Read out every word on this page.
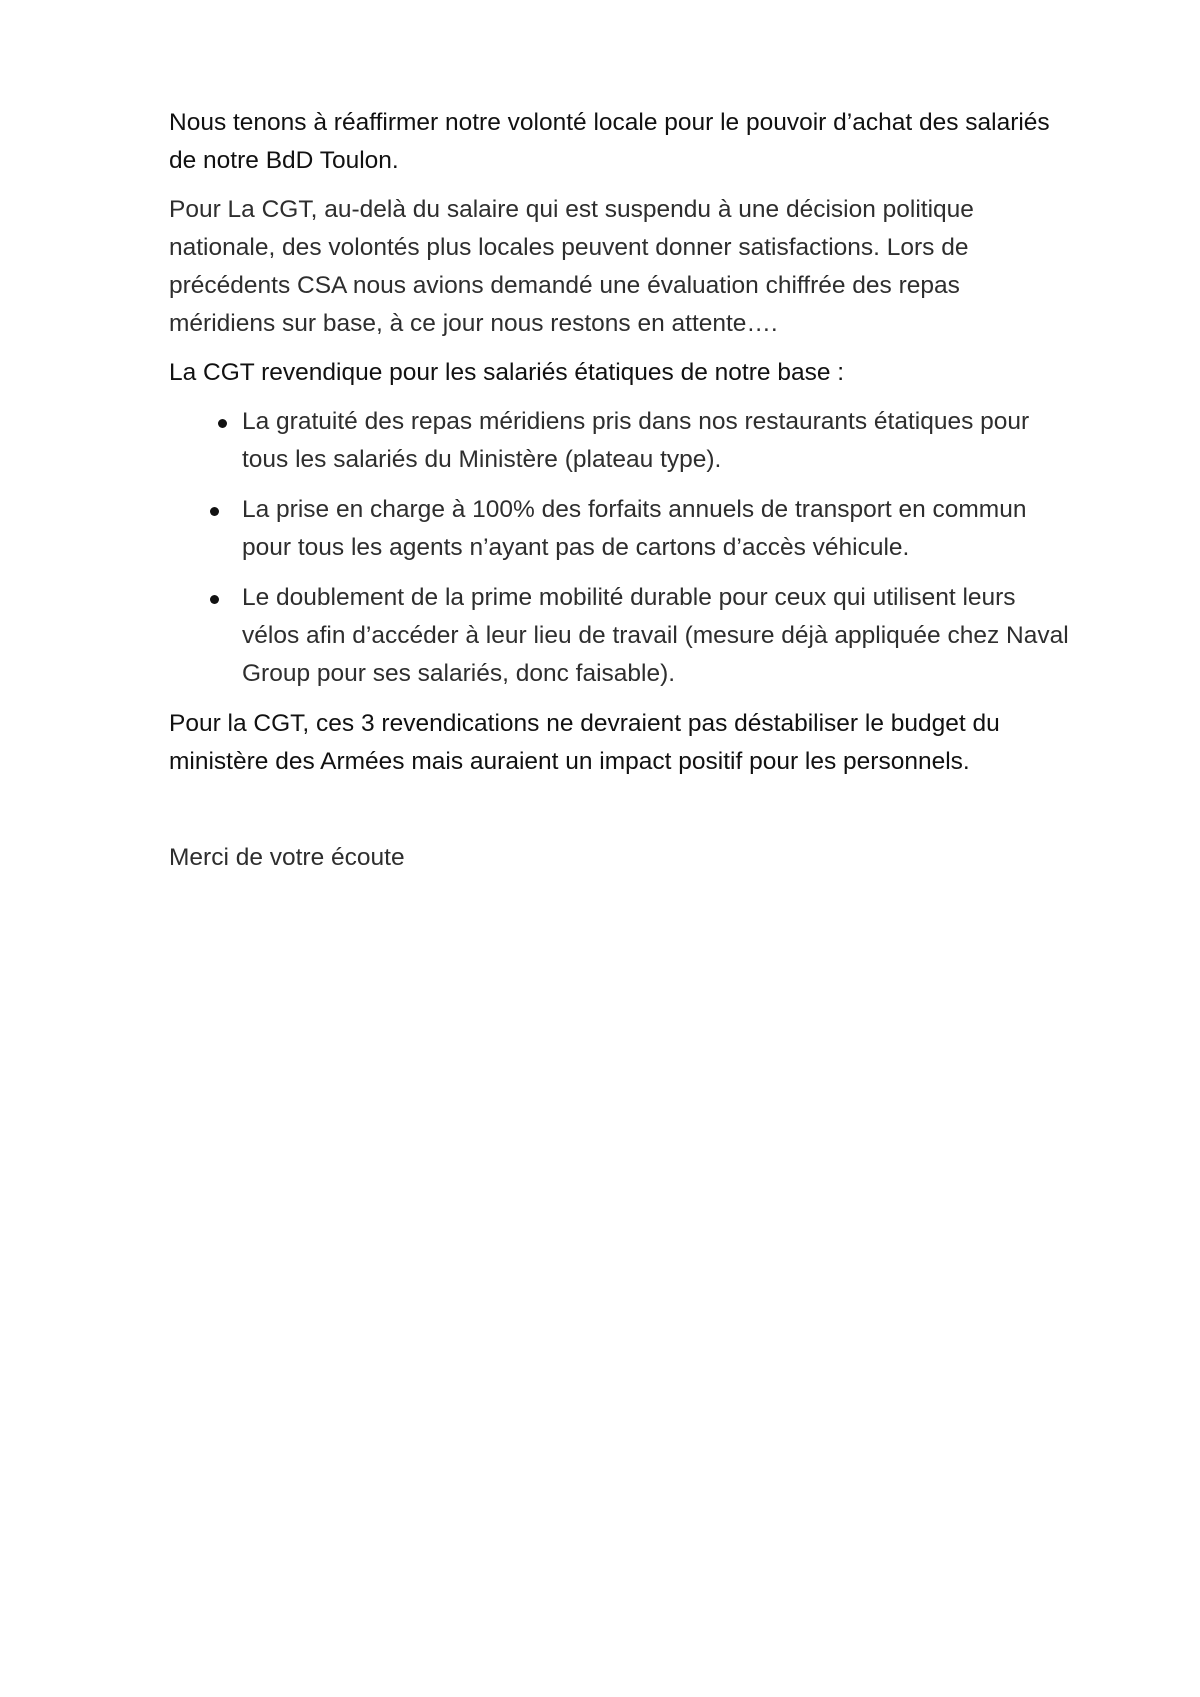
Nous tenons à réaffirmer notre volonté locale pour le pouvoir d’achat des salariés de notre BdD Toulon.

Pour La CGT, au-delà du salaire qui est suspendu à une décision politique nationale, des volontés plus locales peuvent donner satisfactions. Lors de précédents CSA nous avions demandé une évaluation chiffrée des repas méridiens sur base, à ce jour nous restons en attente….

La CGT revendique pour les salariés étatiques de notre base :

La gratuité des repas méridiens pris dans nos restaurants étatiques pour tous les salariés du Ministère (plateau type).
La prise en charge à 100% des forfaits annuels de transport en commun pour tous les agents n’ayant pas de cartons d’accès véhicule.
Le doublement de la prime mobilité durable pour ceux qui utilisent leurs vélos afin d’accéder à leur lieu de travail (mesure déjà appliquée chez Naval Group pour ses salariés, donc faisable).

Pour la CGT, ces 3 revendications ne devraient pas déstabiliser le budget du ministère des Armées mais auraient un impact positif pour les personnels.

Merci de votre écoute
